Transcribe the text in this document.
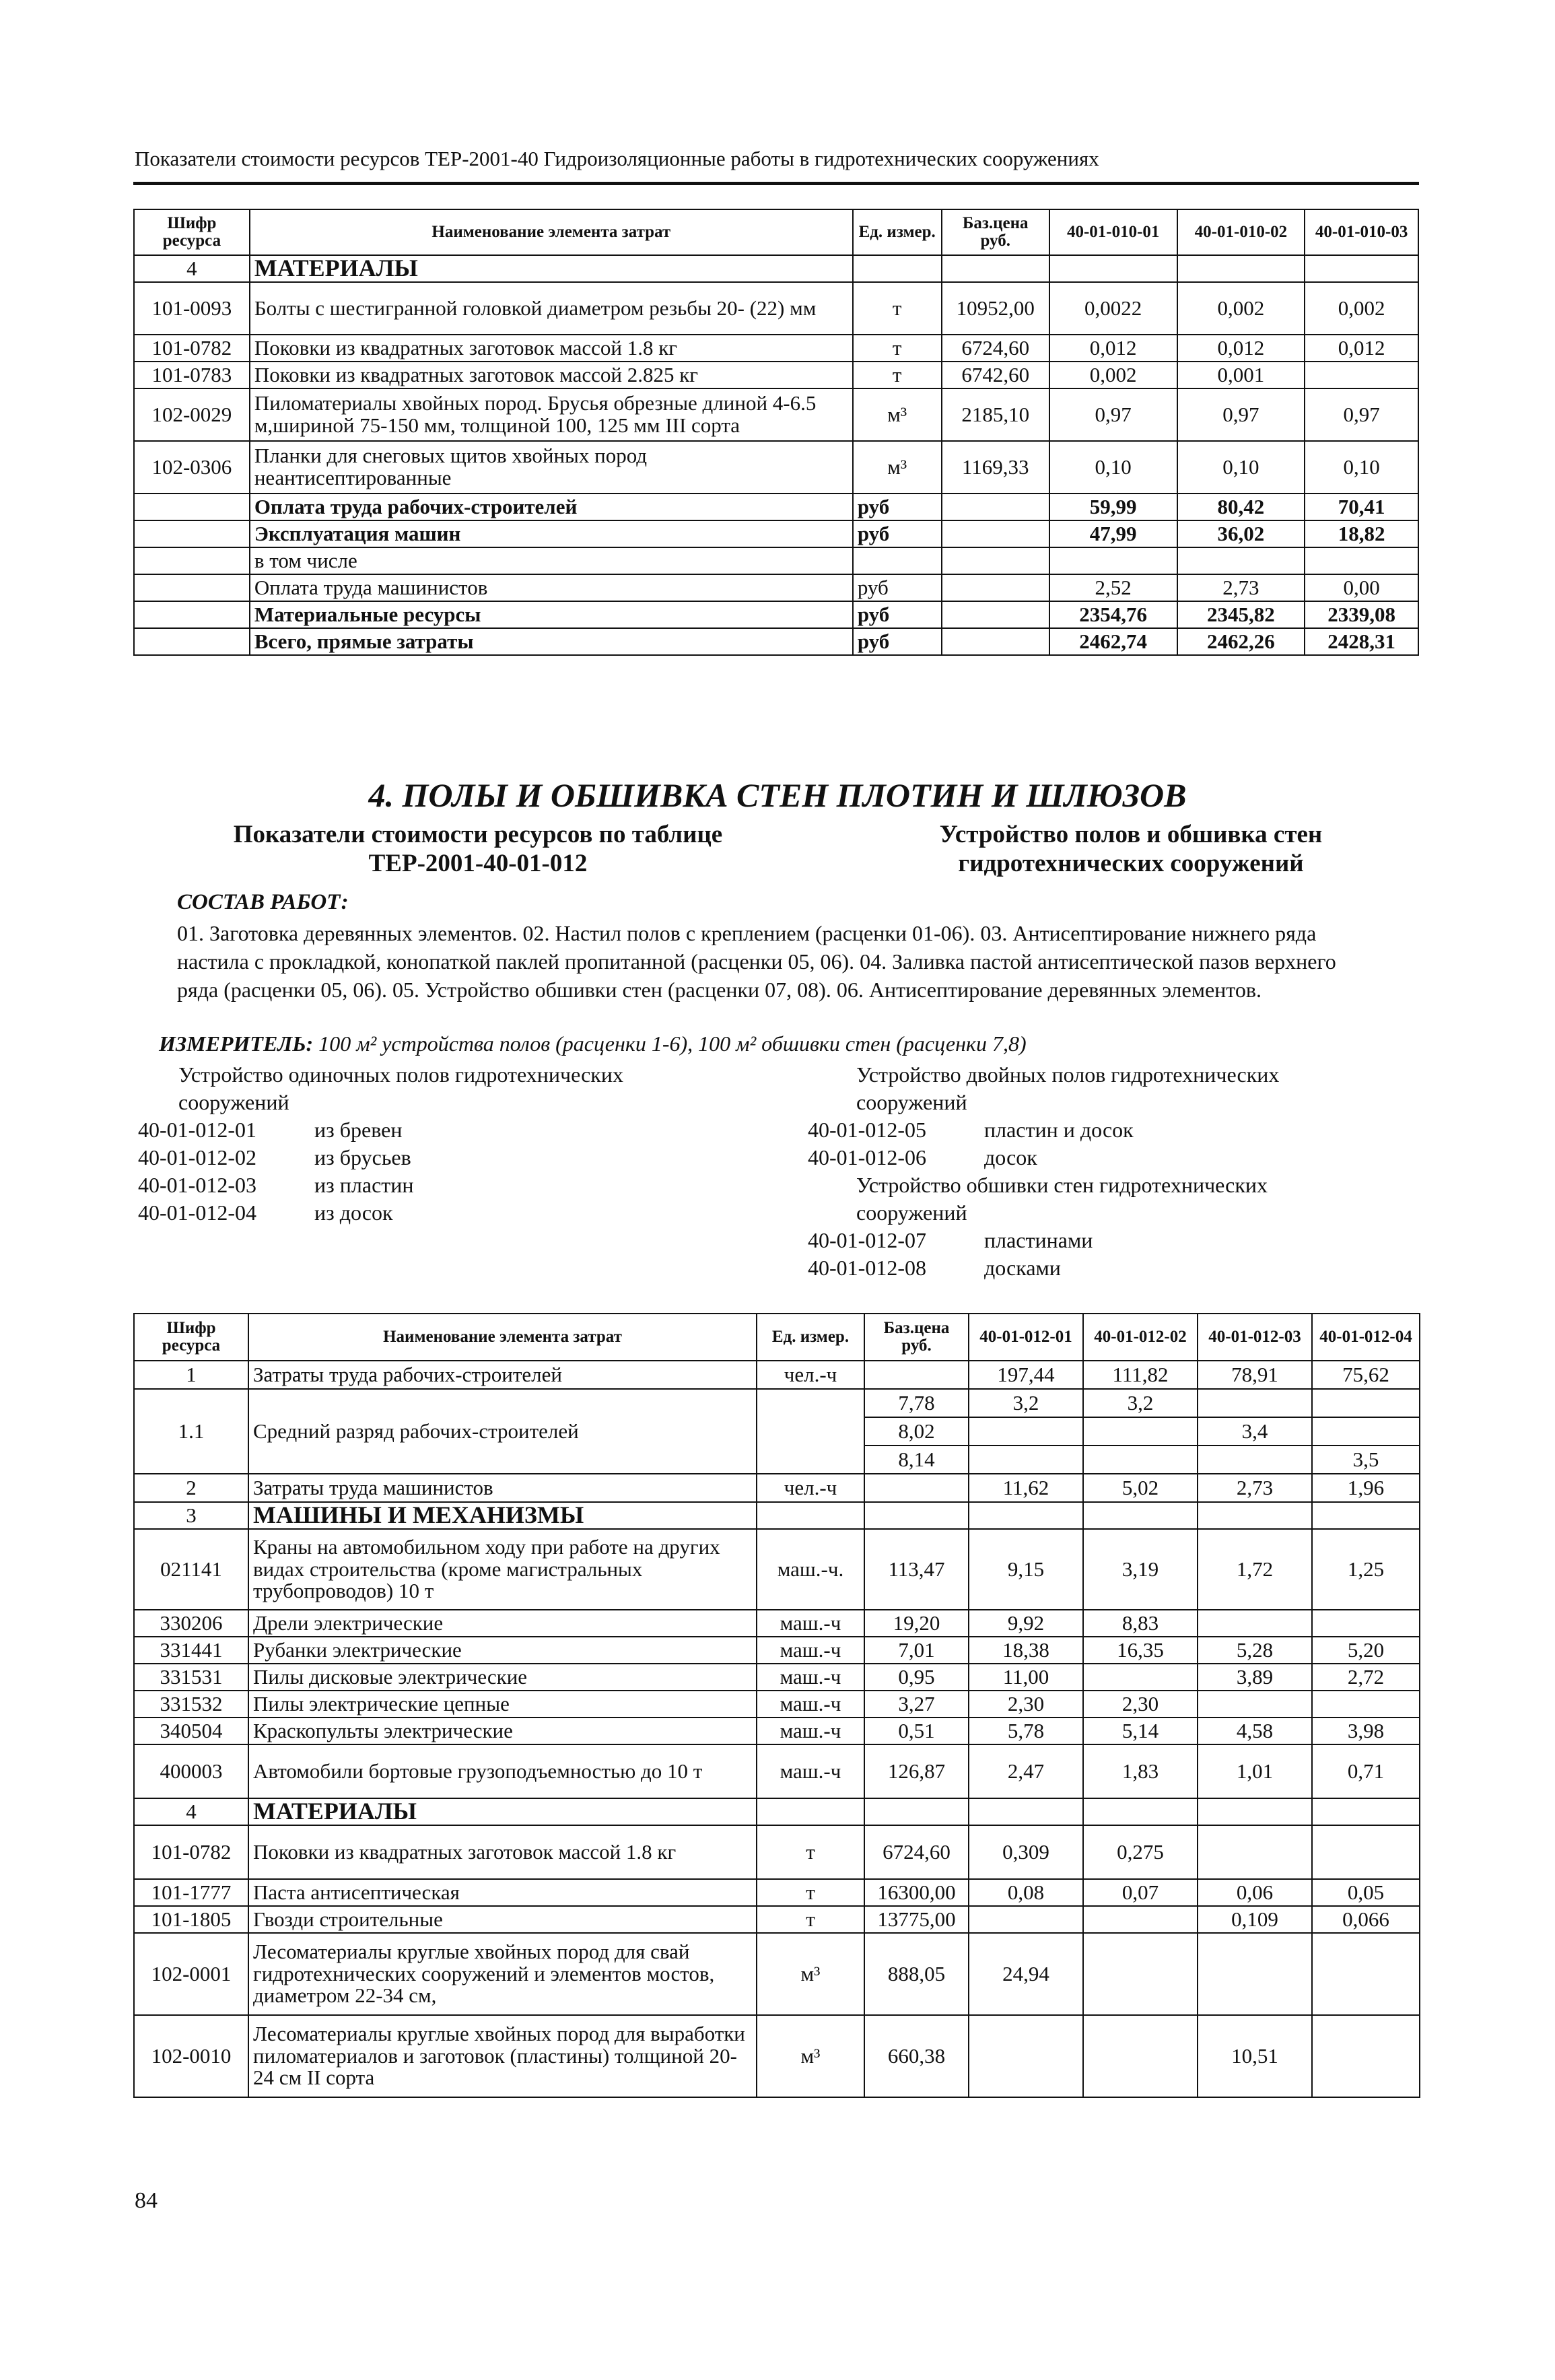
Показатели стоимости ресурсов ТЕР-2001-40 Гидроизоляционные работы в гидротехнических сооружениях
Шифр ресурса	Наименование элемента затрат	Ед. измер.	Баз.цена руб.	40-01-010-01	40-01-010-02	40-01-010-03
4	МАТЕРИАЛЫ					
101-0093	Болты с шестигранной головкой диаметром резьбы 20- (22) мм	т	10952,00	0,0022	0,002	0,002
101-0782	Поковки из квадратных заготовок массой 1.8 кг	т	6724,60	0,012	0,012	0,012
101-0783	Поковки из квадратных заготовок массой 2.825 кг	т	6742,60	0,002	0,001	
102-0029	Пиломатериалы хвойных пород. Брусья обрезные длиной 4-6.5 м,шириной 75-150 мм, толщиной 100, 125 мм III сорта	м³	2185,10	0,97	0,97	0,97
102-0306	Планки для снеговых щитов хвойных пород неантисептированные	м³	1169,33	0,10	0,10	0,10
	Оплата труда рабочих-строителей	руб		59,99	80,42	70,41
	Эксплуатация машин	руб		47,99	36,02	18,82
	в том числе					
	Оплата труда машинистов	руб		2,52	2,73	0,00
	Материальные ресурсы	руб		2354,76	2345,82	2339,08
	Всего, прямые затраты	руб		2462,74	2462,26	2428,31
4. ПОЛЫ И ОБШИВКА СТЕН ПЛОТИН И ШЛЮЗОВ
Показатели стоимости ресурсов по таблице
ТЕР-2001-40-01-012
Устройство полов и обшивка стен
гидротехнических сооружений
СОСТАВ РАБОТ:
01. Заготовка деревянных элементов. 02. Настил полов с креплением (расценки 01-06). 03. Антисептирование нижнего ряда настила с прокладкой, конопаткой паклей пропитанной (расценки 05, 06). 04. Заливка пастой антисептической пазов верхнего ряда (расценки 05, 06). 05. Устройство обшивки стен (расценки 07, 08). 06. Антисептирование деревянных элементов.
ИЗМЕРИТЕЛЬ: 100 м² устройства полов (расценки 1-6), 100 м² обшивки стен (расценки 7,8)
Устройство одиночных полов гидротехнических
сооружений
40-01-012-01	из бревен
40-01-012-02	из брусьев
40-01-012-03	из пластин
40-01-012-04	из досок
Устройство двойных полов гидротехнических
сооружений
40-01-012-05	пластин и досок
40-01-012-06	досок
Устройство обшивки стен гидротехнических
сооружений
40-01-012-07	пластинами
40-01-012-08	досками
Шифр ресурса	Наименование элемента затрат	Ед. измер.	Баз.цена руб.	40-01-012-01	40-01-012-02	40-01-012-03	40-01-012-04
1	Затраты труда рабочих-строителей	чел.-ч		197,44	111,82	78,91	75,62
1.1	Средний разряд рабочих-строителей		7,78	3,2	3,2		
			8,02			3,4	
			8,14				3,5
2	Затраты труда машинистов	чел.-ч		11,62	5,02	2,73	1,96
3	МАШИНЫ И МЕХАНИЗМЫ						
021141	Краны на автомобильном ходу при работе на других видах строительства (кроме магистральных трубопроводов) 10 т	маш.-ч.	113,47	9,15	3,19	1,72	1,25
330206	Дрели электрические	маш.-ч	19,20	9,92	8,83		
331441	Рубанки электрические	маш.-ч	7,01	18,38	16,35	5,28	5,20
331531	Пилы дисковые электрические	маш.-ч	0,95	11,00		3,89	2,72
331532	Пилы электрические цепные	маш.-ч	3,27	2,30	2,30		
340504	Краскопульты электрические	маш.-ч	0,51	5,78	5,14	4,58	3,98
400003	Автомобили бортовые грузоподъемностью до 10 т	маш.-ч	126,87	2,47	1,83	1,01	0,71
4	МАТЕРИАЛЫ						
101-0782	Поковки из квадратных заготовок массой 1.8 кг	т	6724,60	0,309	0,275		
101-1777	Паста антисептическая	т	16300,00	0,08	0,07	0,06	0,05
101-1805	Гвозди строительные	т	13775,00			0,109	0,066
102-0001	Лесоматериалы круглые хвойных пород для свай гидротехнических сооружений и элементов мостов, диаметром 22-34 см,	м³	888,05	24,94			
102-0010	Лесоматериалы круглые хвойных пород для выработки пиломатериалов и заготовок (пластины) толщиной 20-24 см II сорта	м³	660,38			10,51	
84
